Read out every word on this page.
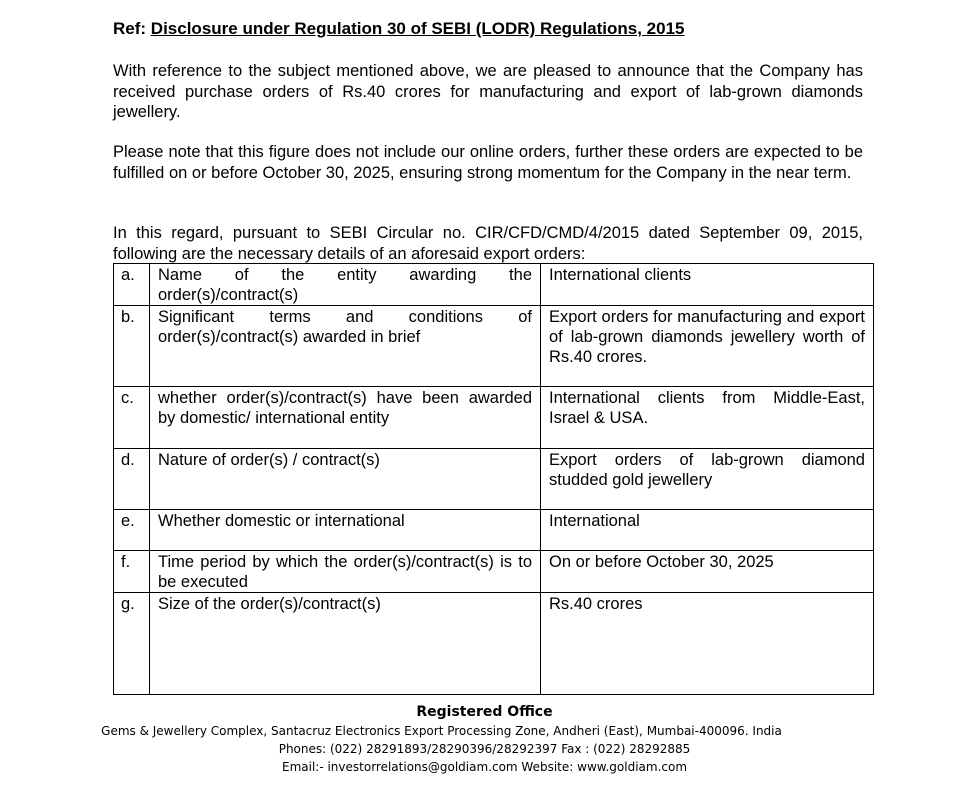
Ref: Disclosure under Regulation 30 of SEBI (LODR) Regulations, 2015

With reference to the subject mentioned above, we are pleased to announce that the Company has received purchase orders of Rs.40 crores for manufacturing and export of lab-grown diamonds jewellery.

Please note that this figure does not include our online orders, further these orders are expected to be fulfilled on or before October 30, 2025, ensuring strong momentum for the Company in the near term.

In this regard, pursuant to SEBI Circular no. CIR/CFD/CMD/4/2015 dated September 09, 2015, following are the necessary details of an aforesaid export orders:

a.	Name of the entity awarding the order(s)/contract(s)	International clients
b.	Significant terms and conditions of order(s)/contract(s) awarded in brief	Export orders for manufacturing and export of lab-grown diamonds jewellery worth of Rs.40 crores.
c.	whether order(s)/contract(s) have been awarded by domestic/ international entity	International clients from Middle-East, Israel & USA.
d.	Nature of order(s) / contract(s)	Export orders of lab-grown diamond studded gold jewellery
e.	Whether domestic or international	International
f.	Time period by which the order(s)/contract(s) is to be executed	On or before October 30, 2025
g.	Size of the order(s)/contract(s)	Rs.40 crores
Registered Office
Gems & Jewellery Complex, Santacruz Electronics Export Processing Zone, Andheri (East), Mumbai-400096. India
Phones: (022) 28291893/28290396/28292397 Fax : (022) 28292885
Email:- investorrelations@goldiam.com Website: www.goldiam.com
